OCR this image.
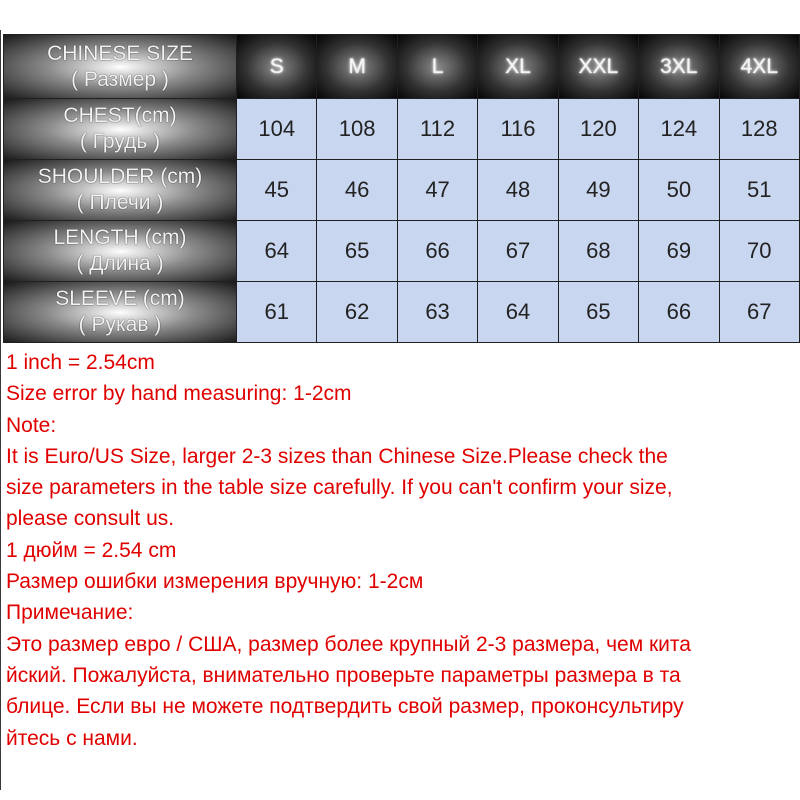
CHINESE SIZE
( Размер )	S	M	L	XL	XXL	3XL	4XL

CHEST(cm)
( Грудь )	104	108	112	116	120	124	128

SHOULDER (cm)
( Плечи )	45	46	47	48	49	50	51

LENGTH (cm)
( Длина )	64	65	66	67	68	69	70

SLEEVE (cm)
( Рукав )	61	62	63	64	65	66	67
1 inch = 2.54cm
Size error by hand measuring: 1-2cm
Note:
It is Euro/US Size, larger 2-3 sizes than Chinese Size.Please check the
size parameters in the table size carefully. If you can't confirm your size,
please consult us.
1 дюйм = 2.54 cm
Размер ошибки измерения вручную: 1-2см
Примечание:
Это размер евро / США, размер более крупный 2-3 размера, чем кита
йский. Пожалуйста, внимательно проверьте параметры размера в та
блице. Если вы не можете подтвердить свой размер, проконсультиру
йтесь с нами.
